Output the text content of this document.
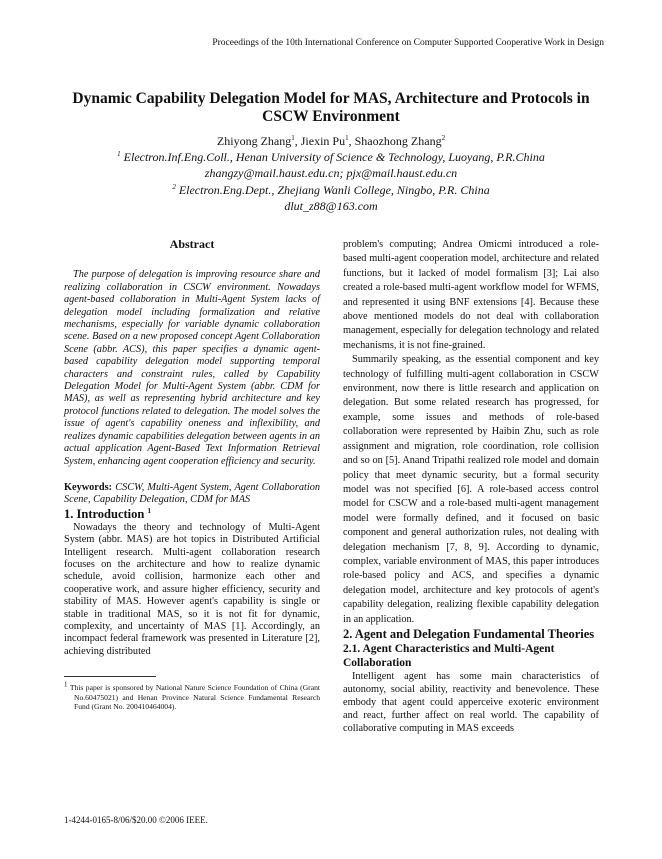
Proceedings of the 10th International Conference on Computer Supported Cooperative Work in Design
Dynamic Capability Delegation Model for MAS, Architecture and Protocols in
CSCW Environment
Zhiyong Zhang$^1$, Jiexin Pu$^1$, Shaozhong Zhang$^2$
$^1$ Electron.Inf.Eng.Coll., Henan University of Science & Technology, Luoyang, P.R.China
zhangzy@mail.haust.edu.cn; pjx@mail.haust.edu.cn
$^2$ Electron.Eng.Dept., Zhejiang Wanli College, Ningbo, P.R. China
dlut_z88@163.com
Abstract

The purpose of delegation is improving resource share and realizing collaboration in CSCW environment. Nowadays agent-based collaboration in Multi-Agent System lacks of delegation model including formalization and relative mechanisms, especially for variable dynamic collaboration scene. Based on a new proposed concept Agent Collaboration Scene (abbr. ACS), this paper specifies a dynamic agent-based capability delegation model supporting temporal characters and constraint rules, called by Capability Delegation Model for Multi-Agent System (abbr. CDM for MAS), as well as representing hybrid architecture and key protocol functions related to delegation. The model solves the issue of agent's capability oneness and inflexibility, and realizes dynamic capabilities delegation between agents in an actual application Agent-Based Text Information Retrieval System, enhancing agent cooperation efficiency and security.

Keywords: CSCW, Multi-Agent System, Agent Collaboration Scene, Capability Delegation, CDM for MAS

1. Introduction $^1$

Nowadays the theory and technology of Multi-Agent System (abbr. MAS) are hot topics in Distributed Artificial Intelligent research. Multi-agent collaboration research focuses on the architecture and how to realize dynamic schedule, avoid collision, harmonize each other and cooperative work, and assure higher efficiency, security and stability of MAS. However agent's capability is single or stable in traditional MAS, so it is not fit for dynamic, complexity, and uncertainty of MAS [1]. Accordingly, an incompact federal framework was presented in Literature [2], achieving distributed

$^1$ This paper is sponsored by National Nature Science Foundation of China (Grant No.60475021) and Henan Province Natural Science Fundamental Research Fund (Grant No. 200410464004).

problem's computing; Andrea Omicmi introduced a role-based multi-agent cooperation model, architecture and related functions, but it lacked of model formalism [3]; Lai also created a role-based multi-agent workflow model for WFMS, and represented it using BNF extensions [4]. Because these above mentioned models do not deal with collaboration management, especially for delegation technology and related mechanisms, it is not fine-grained.

Summarily speaking, as the essential component and key technology of fulfilling multi-agent collaboration in CSCW environment, now there is little research and application on delegation. But some related research has progressed, for example, some issues and methods of role-based collaboration were represented by Haibin Zhu, such as role assignment and migration, role coordination, role collision and so on [5]. Anand Tripathi realized role model and domain policy that meet dynamic security, but a formal security model was not specified [6]. A role-based access control model for CSCW and a role-based multi-agent management model were formally defined, and it focused on basic component and general authorization rules, not dealing with delegation mechanism [7, 8, 9]. According to dynamic, complex, variable environment of MAS, this paper introduces role-based policy and ACS, and specifies a dynamic delegation model, architecture and key protocols of agent's capability delegation, realizing flexible capability delegation in an application.

2. Agent and Delegation Fundamental Theories
2.1. Agent Characteristics and Multi-Agent Collaboration

Intelligent agent has some main characteristics of autonomy, social ability, reactivity and benevolence. These embody that agent could apperceive exoteric environment and react, further affect on real world. The capability of collaborative computing in MAS exceeds

1-4244-0165-8/06/$20.00 ©2006 IEEE.
